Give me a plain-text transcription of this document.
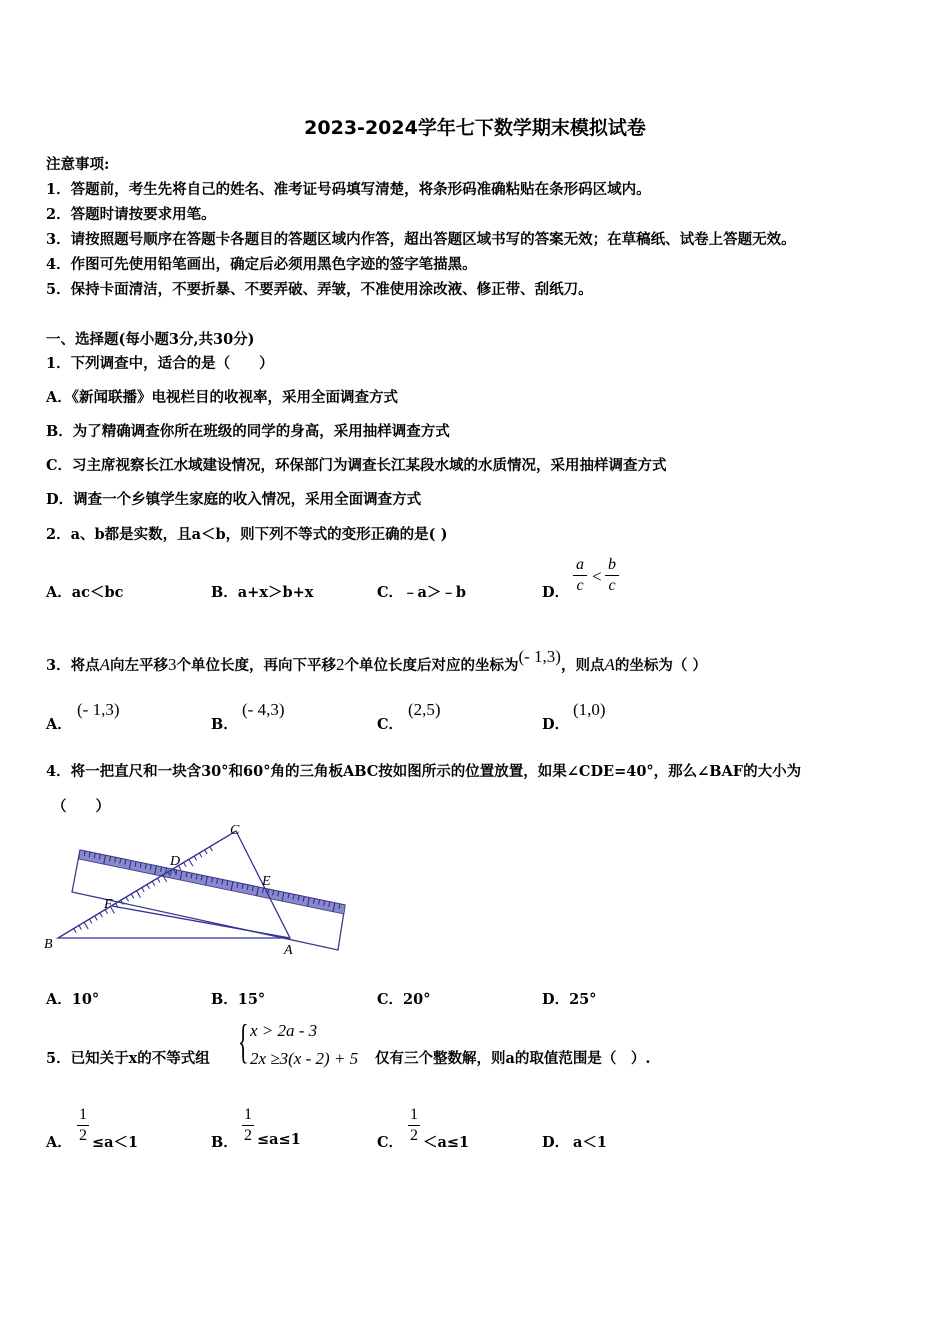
2023-2024学年七下数学期末模拟试卷
注意事项:
1．答题前，考生先将自己的姓名、准考证号码填写清楚，将条形码准确粘贴在条形码区域内。
2．答题时请按要求用笔。
3．请按照题号顺序在答题卡各题目的答题区域内作答，超出答题区域书写的答案无效；在草稿纸、试卷上答题无效。
4．作图可先使用铅笔画出，确定后必须用黑色字迹的签字笔描黑。
5．保持卡面清洁，不要折暴、不要弄破、弄皱，不准使用涂改液、修正带、刮纸刀。
一、选择题(每小题3分,共30分)
1．下列调查中，适合的是（　　）
A．《新闻联播》电视栏目的收视率，采用全面调查方式
B．为了精确调查你所在班级的同学的身高，采用抽样调查方式
C．习主席视察长江水域建设情况，环保部门为调查长江某段水域的水质情况，采用抽样调查方式
D．调查一个乡镇学生家庭的收入情况，采用全面调查方式
2．a、b都是实数，且a＜b，则下列不等式的变形正确的是( )
A．ac＜bc	B．a+x＞b+x	C．﹣a＞﹣b	D．
a
c <
b
c
3．将点A向左平移3个单位长度，再向下平移2个单位长度后对应的坐标为(- 1,3)，则点A的坐标为（ ）
A．
(- 1,3)
B．
(- 4,3)
C．
(2,5)
D．
(1,0)
4．将一把直尺和一块含30°和60°角的三角板ABC按如图所示的位置放置，如果∠CDE=40°，那么∠BAF的大小为
（　　）
C
D
E
F
B	A
A．10°	B．15°	C．20°	D．25°
5．已知关于x的不等式组 { x > 2a - 3
2x ≥3(x - 2) + 5 仅有三个整数解，则a的取值范围是（　）.
A．
1
2 ≤a＜1	B．
1
2 ≤a≤1	C．
1
2 ＜a≤1	D． a＜1
